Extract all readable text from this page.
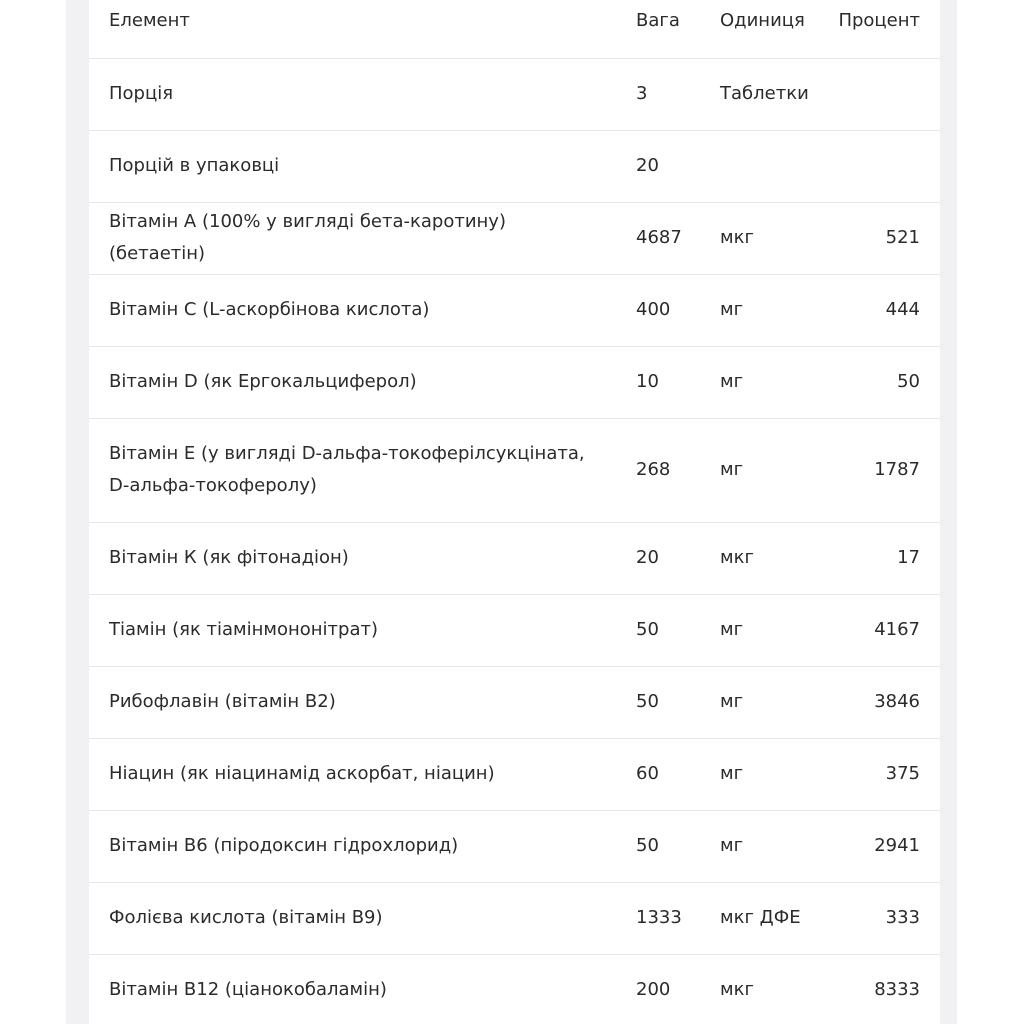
Елемент	Вага	Одиниця	Процент
Порція	3	Таблетки	
Порцій в упаковці	20		
Вітамін А (100% у вигляді бета-каротину) (бетаетін)	4687	мкг	521
Вітамін C (L-аскорбінова кислота)	400	мг	444
Вітамін D (як Ергокальциферол)	10	мг	50
Вітамін Е (у вигляді D-альфа-токоферілсукціната, D-альфа-токоферолу)	268	мг	1787
Вітамін К (як фітонадіон)	20	мкг	17
Тіамін (як тіамінмононітрат)	50	мг	4167
Рибофлавін (вітамін В2)	50	мг	3846
Ніацин (як ніацинамід аскорбат, ніацин)	60	мг	375
Вітамін В6 (піродоксин гідрохлорид)	50	мг	2941
Фолієва кислота (вітамін В9)	1333	мкг ДФЕ	333
Вітамін В12 (ціанокобаламін)	200	мкг	8333
